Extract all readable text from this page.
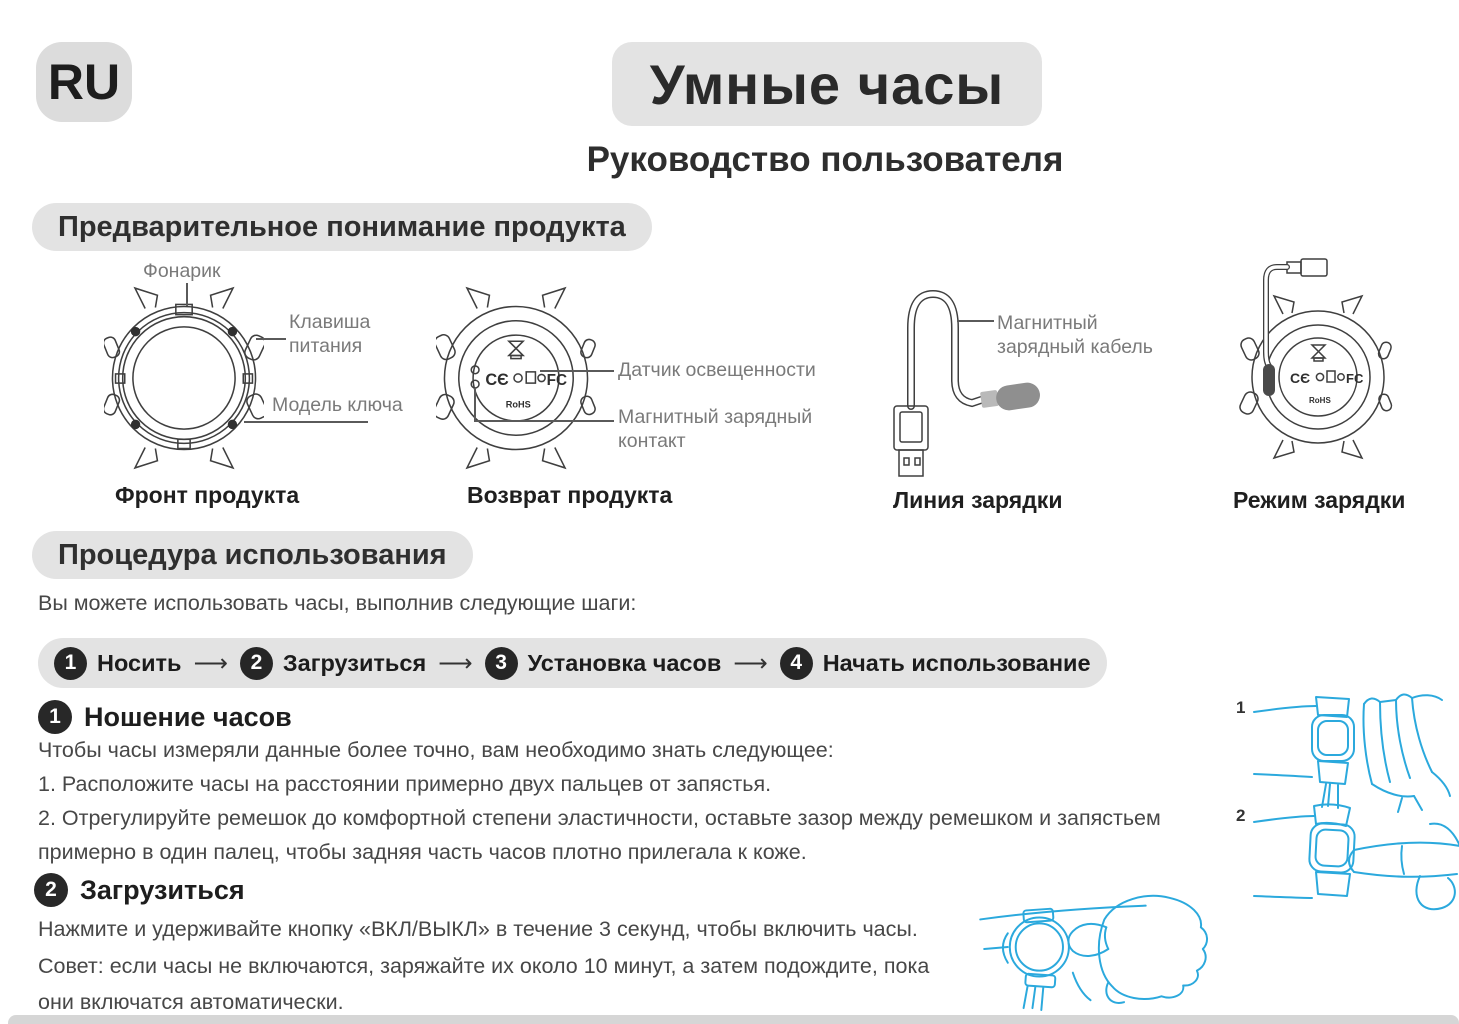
RU	Умные часы
Руководство пользователя
Предварительное понимание продукта
Фонарик
Клавиша питания
Модель ключа
Фронт продукта
CЄ	FC
RoHS
Датчик освещенности
Магнитный зарядный контакт
Возврат продукта
Магнитный зарядный кабель
Линия зарядки
CЄ	FC
RoHS
Режим зарядки
Процедура использования
Вы можете использовать часы, выполнив следующие шаги:
1 Носить ⟶	2 Загрузиться ⟶	3 Установка часов ⟶	4 Начать использование
1 Ношение часов
Чтобы часы измеряли данные более точно, вам необходимо знать следующее:
1. Расположите часы на расстоянии примерно двух пальцев от запястья.
2. Отрегулируйте ремешок до комфортной степени эластичности, оставьте зазор между ремешком и запястьем
примерно в один палец, чтобы задняя часть часов плотно прилегала к коже.
2 Загрузиться
Нажмите и удерживайте кнопку «ВКЛ/ВЫКЛ» в течение 3 секунд, чтобы включить часы.
Совет: если часы не включаются, заряжайте их около 10 минут, а затем подождите, пока
они включатся автоматически.
1
2
